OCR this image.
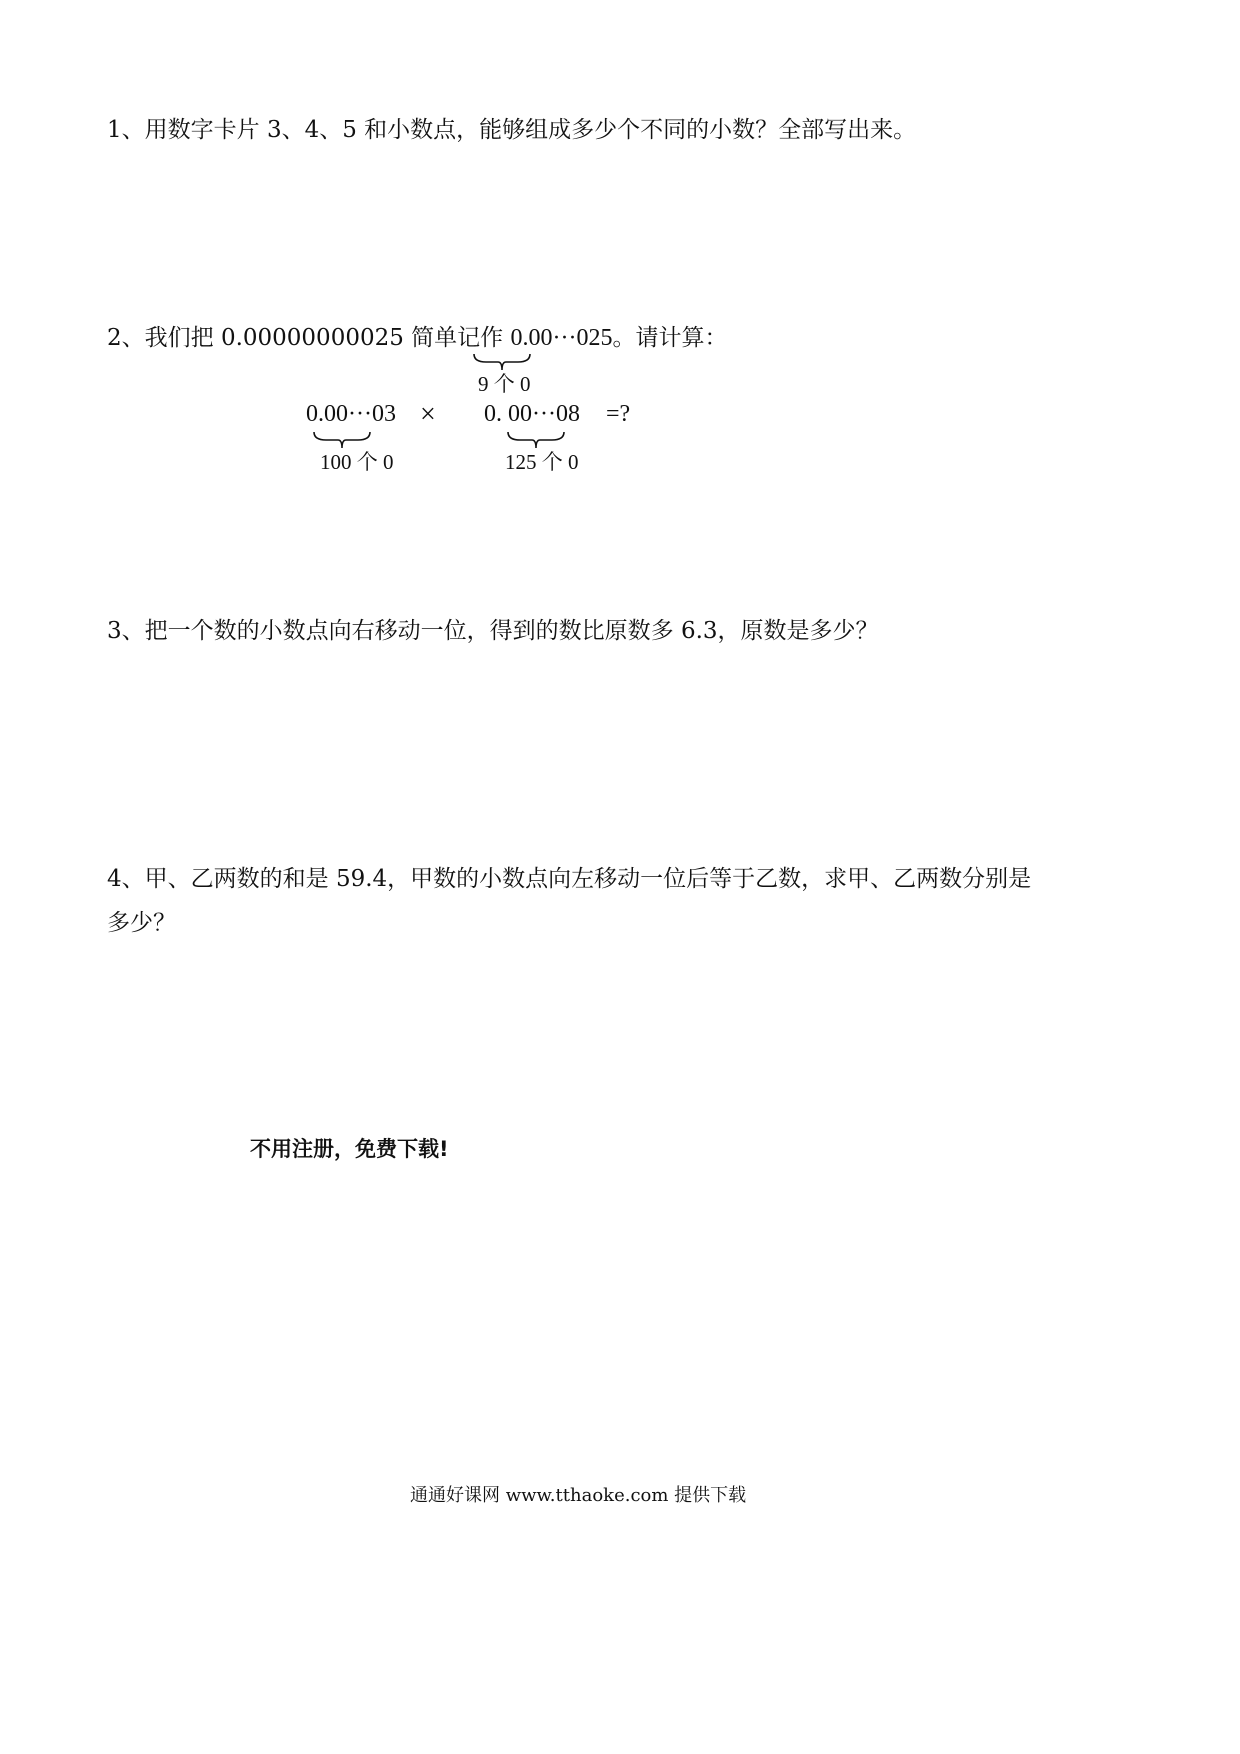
1、用数字卡片 3、4、5 和小数点，能够组成多少个不同的小数？全部写出来。
2、我们把 0.00000000025 简单记作 0.00···025。请计算：
9 个 0
0.00···03
100 个 0
× 0. 00···08
125 个 0
=?
3、把一个数的小数点向右移动一位，得到的数比原数多 6.3，原数是多少？
4、甲、乙两数的和是 59.4，甲数的小数点向左移动一位后等于乙数，求甲、乙两数分别是
多少？
不用注册，免费下载!
通通好课网 www.tthaoke.com 提供下载
